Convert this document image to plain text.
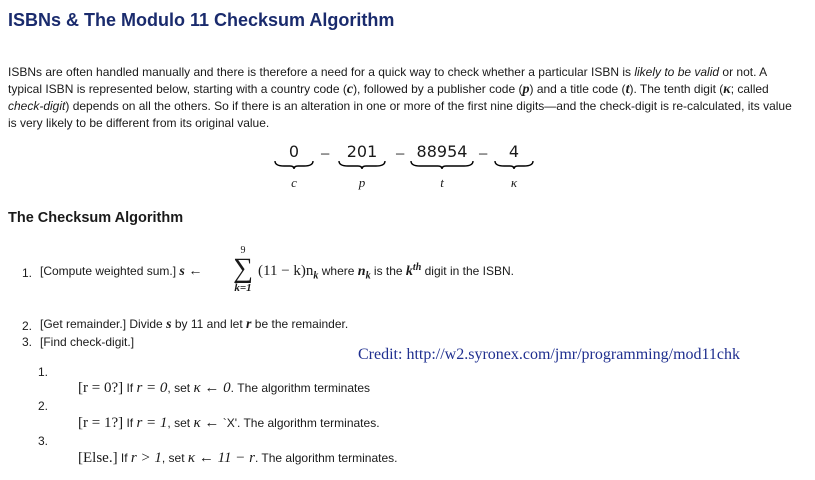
ISBNs & The Modulo 11 Checksum Algorithm

ISBNs are often handled manually and there is therefore a need for a quick way to check whether a particular ISBN is likely to be valid or not. A typical ISBN is represented below, starting with a country code (c), followed by a publisher code (p) and a title code (t). The tenth digit (κ; called check-digit) depends on all the others. So if there is an alteration in one or more of the first nine digits—and the check-digit is re-calculated, its value is very likely to be different from its original value.

0	−	201 − 88954 −	4
c	p	t	κ
The Checksum Algorithm
1. [Compute weighted sum.] s ←
9
∑
k=1
$(11 - k)n_k$ where $n_k$ is the $k^{th}$ digit in the ISBN.
2. [Get remainder.] Divide s by 11 and let r be the remainder.
3. [Find check-digit.]
Credit: http://w2.syronex.com/jmr/programming/mod11chk
1.
[r = 0?] If r = 0, set κ ← 0. The algorithm terminates
2.
[r = 1?] If r = 1, set κ ← `X'. The algorithm terminates.
3.
[Else.] If r > 1, set κ ← 11 − r. The algorithm terminates.
